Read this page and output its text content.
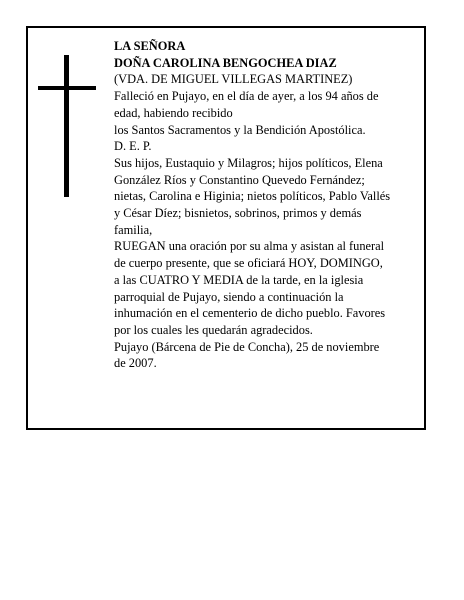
LA SEÑORA
DOÑA CAROLINA BENGOCHEA DIAZ
(VDA. DE MIGUEL VILLEGAS MARTINEZ)
Falleció en Pujayo, en el día de ayer, a los 94 años de
edad, habiendo recibido
los Santos Sacramentos y la Bendición Apostólica.
D. E. P.
Sus hijos, Eustaquio y Milagros; hijos políticos, Elena
González Ríos y Constantino Quevedo Fernández;
nietas, Carolina e Higinia; nietos políticos, Pablo Vallés
y César Díez; bisnietos, sobrinos, primos y demás
familia,
RUEGAN una oración por su alma y asistan al funeral
de cuerpo presente, que se oficiará HOY, DOMINGO,
a las CUATRO Y MEDIA de la tarde, en la iglesia
parroquial de Pujayo, siendo a continuación la
inhumación en el cementerio de dicho pueblo. Favores
por los cuales les quedarán agradecidos.
Pujayo (Bárcena de Pie de Concha), 25 de noviembre
de 2007.
